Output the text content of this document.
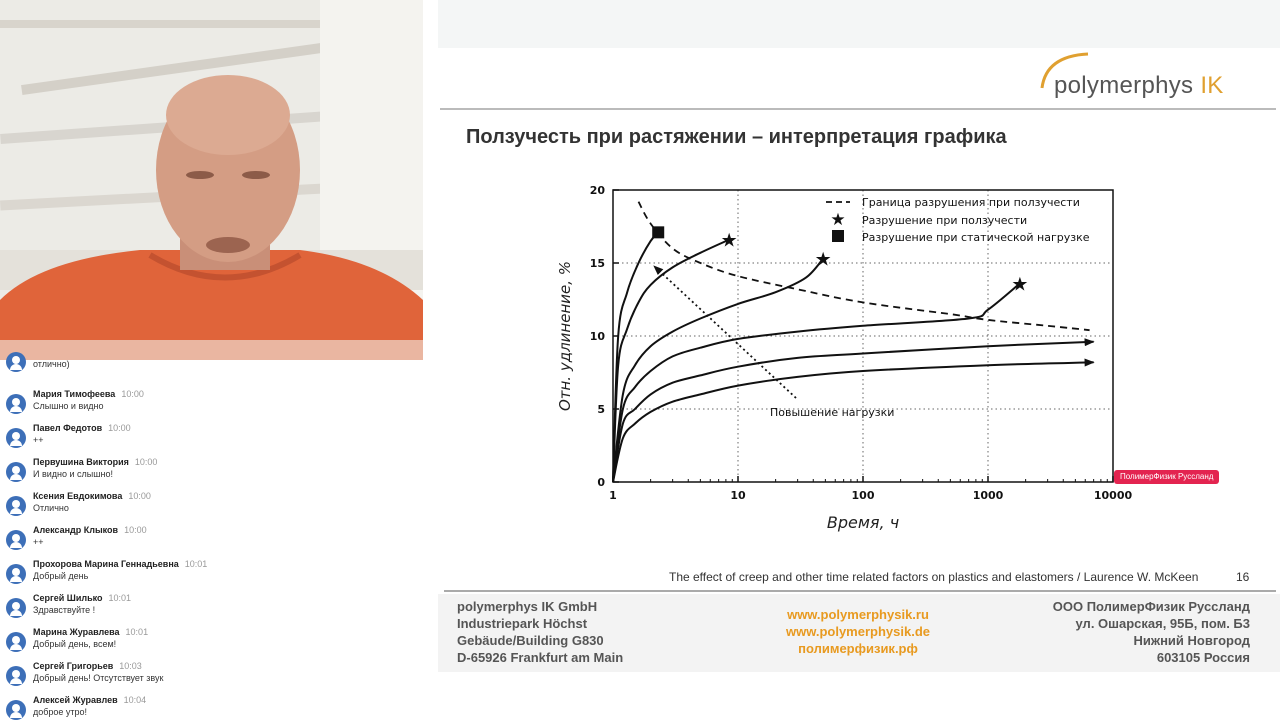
отлично)
Мария Тимофеева 10:00
Слышно и видно
Павел Федотов 10:00
++
Первушина Виктория 10:00
И видно и слышно!
Ксения Евдокимова 10:00
Отлично
Александр Клыков 10:00
++
Прохорова Марина Геннадьевна 10:01
Добрый день
Сергей Шилько 10:01
Здравствуйте !
Марина Журавлева 10:01
Добрый день, всем!
Сергей Григорьев 10:03
Добрый день! Отсутствует звук
Алексей Журавлев 10:04
доброе утро!
polymerphys IK
Ползучесть при растяжении – интерпретация графика
★
★
★
1	10	100	1000	10000
0
5
10
15
20
Время, ч
Отн. удлинение, %
Граница разрушения при ползучести
★ Разрушение при ползучести
Разрушение при статической нагрузке
Повышение нагрузки
ПолимерФизик Руссланд
The effect of creep and other time related factors on plastics and elastomers / Laurence W. McKeen	16
polymerphys IK GmbH
Industriepark Höchst
Gebäude/Building G830
D-65926 Frankfurt am Main
www.polymerphysik.ru
www.polymerphysik.de
полимерфизик.рф
ООО ПолимерФизик Руссланд
ул. Ошарская, 95Б, пом. Б3
Нижний Новгород
603105 Россия
